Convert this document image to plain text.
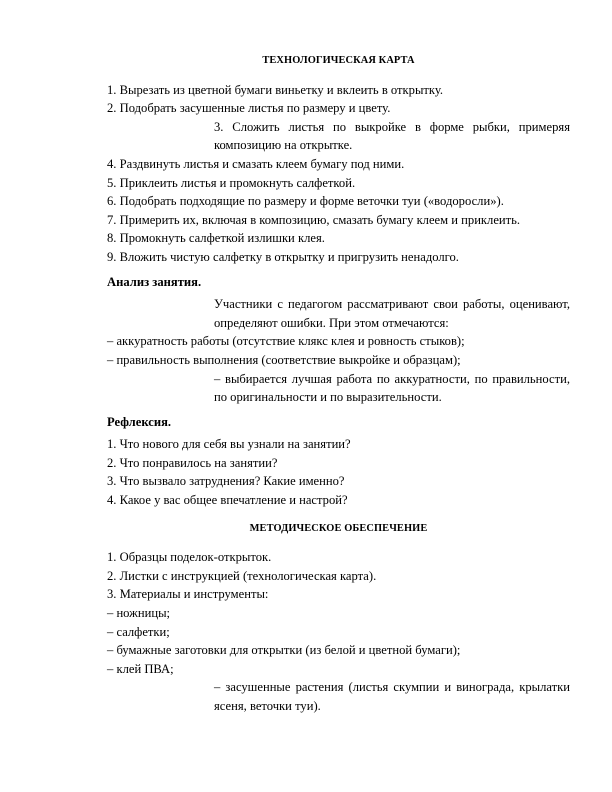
ТЕХНОЛОГИЧЕСКАЯ КАРТА

1. Вырезать из цветной бумаги виньетку и вклеить в открытку.

2. Подобрать засушенные листья по размеру и цвету.

3. Сложить листья по выкройке в форме рыбки, примеряя композицию на открытке.

4. Раздвинуть листья и смазать клеем бумагу под ними.

5. Приклеить листья и промокнуть салфеткой.

6. Подобрать подходящие по размеру и форме веточки туи («водоросли»).

7. Примерить их, включая в композицию, смазать бумагу клеем и приклеить.

8. Промокнуть салфеткой излишки клея.

9. Вложить чистую салфетку в открытку и пригрузить ненадолго.

Анализ занятия.

Участники с педагогом рассматривают свои работы, оценивают, определяют ошибки. При этом отмечаются:

– аккуратность работы (отсутствие клякс клея и ровность стыков);

– правильность выполнения (соответствие выкройке и образцам);

– выбирается лучшая работа по аккуратности, по правильности, по оригинальности и по выразительности.

Рефлексия.

1. Что нового для себя вы узнали на занятии?

2. Что понравилось на занятии?

3. Что вызвало затруднения? Какие именно?

4. Какое у вас общее впечатление и настрой?

МЕТОДИЧЕСКОЕ ОБЕСПЕЧЕНИЕ

1. Образцы поделок-открыток.

2. Листки с инструкцией (технологическая карта).

3. Материалы и инструменты:

– ножницы;

– салфетки;

– бумажные заготовки для открытки (из белой и цветной бумаги);

– клей ПВА;

– засушенные растения (листья скумпии и винограда, крылатки ясеня, веточки туи).
